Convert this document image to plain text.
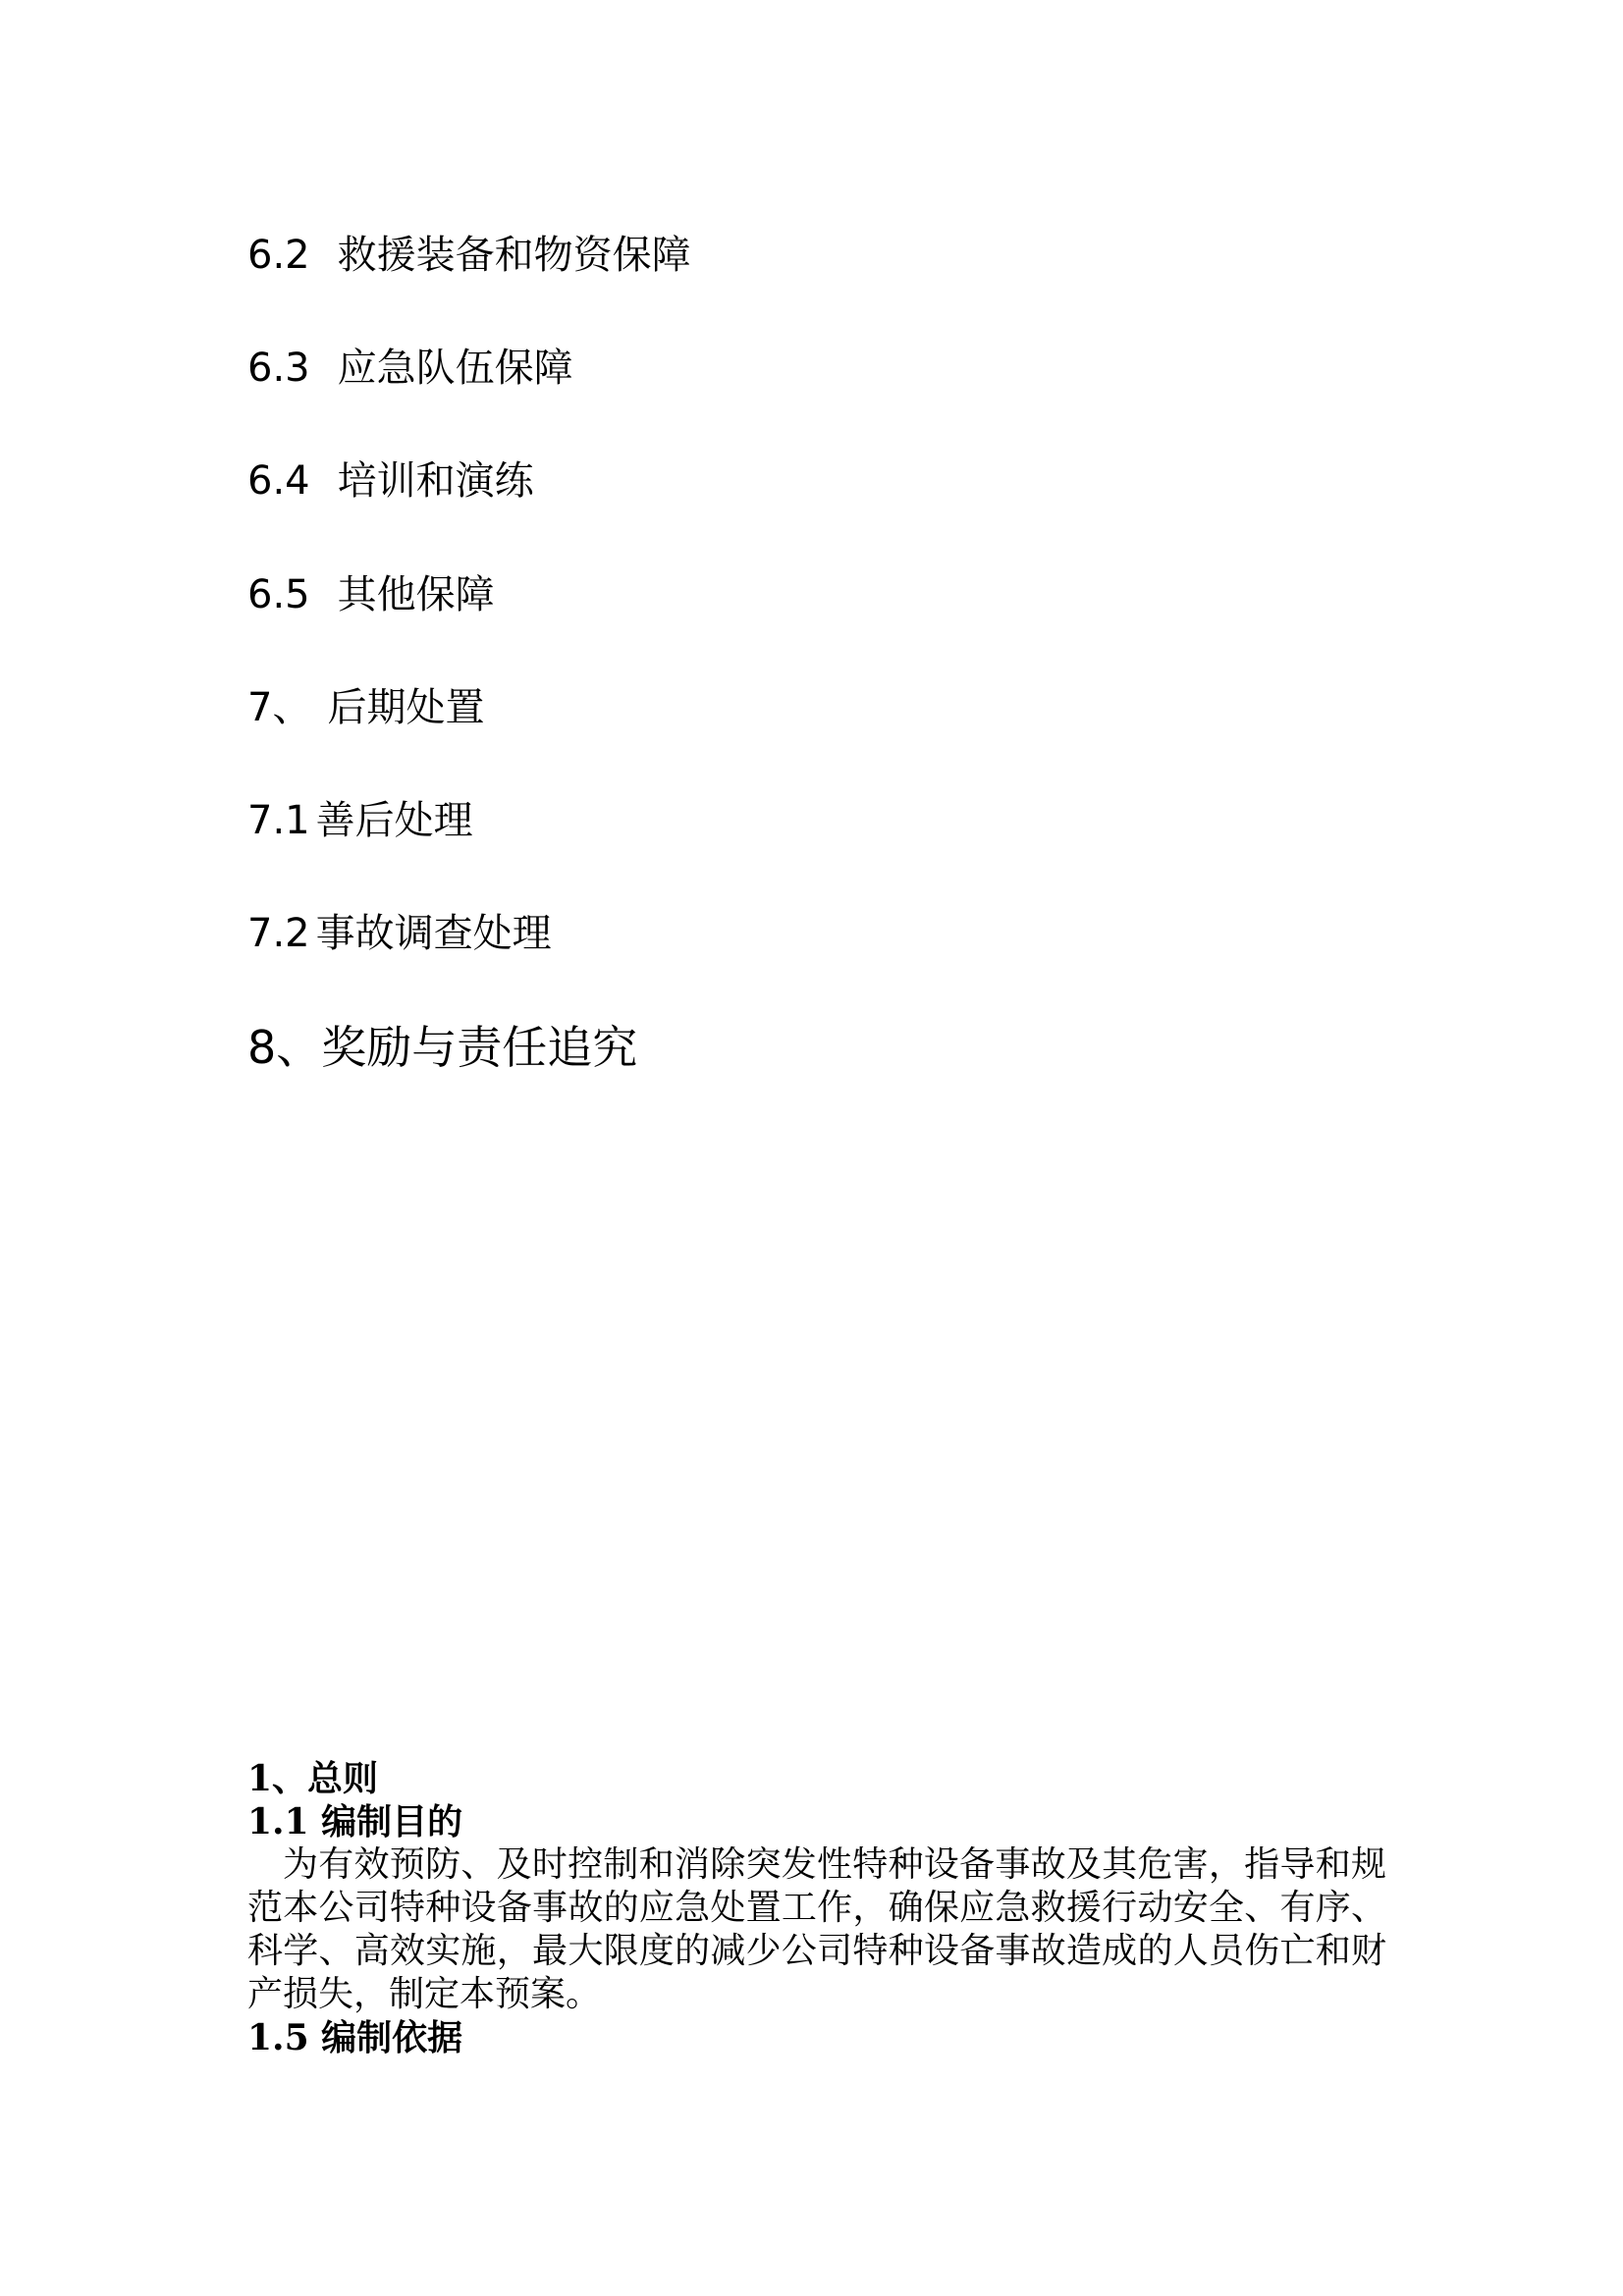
6.2 救援装备和物资保障
6.3 应急队伍保障
6.4 培训和演练
6.5 其他保障
7、 后期处置
7.1 善后处理
7.2 事故调查处理
8、奖励与责任追究
1、总则
1.1 编制目的
为有效预防、及时控制和消除突发性特种设备事故及其危害，指导和规范本公司特种设备事故的应急处置工作，确保应急救援行动安全、有序、科学、高效实施，最大限度的减少公司特种设备事故造成的人员伤亡和财产损失，制定本预案。
1.5 编制依据
